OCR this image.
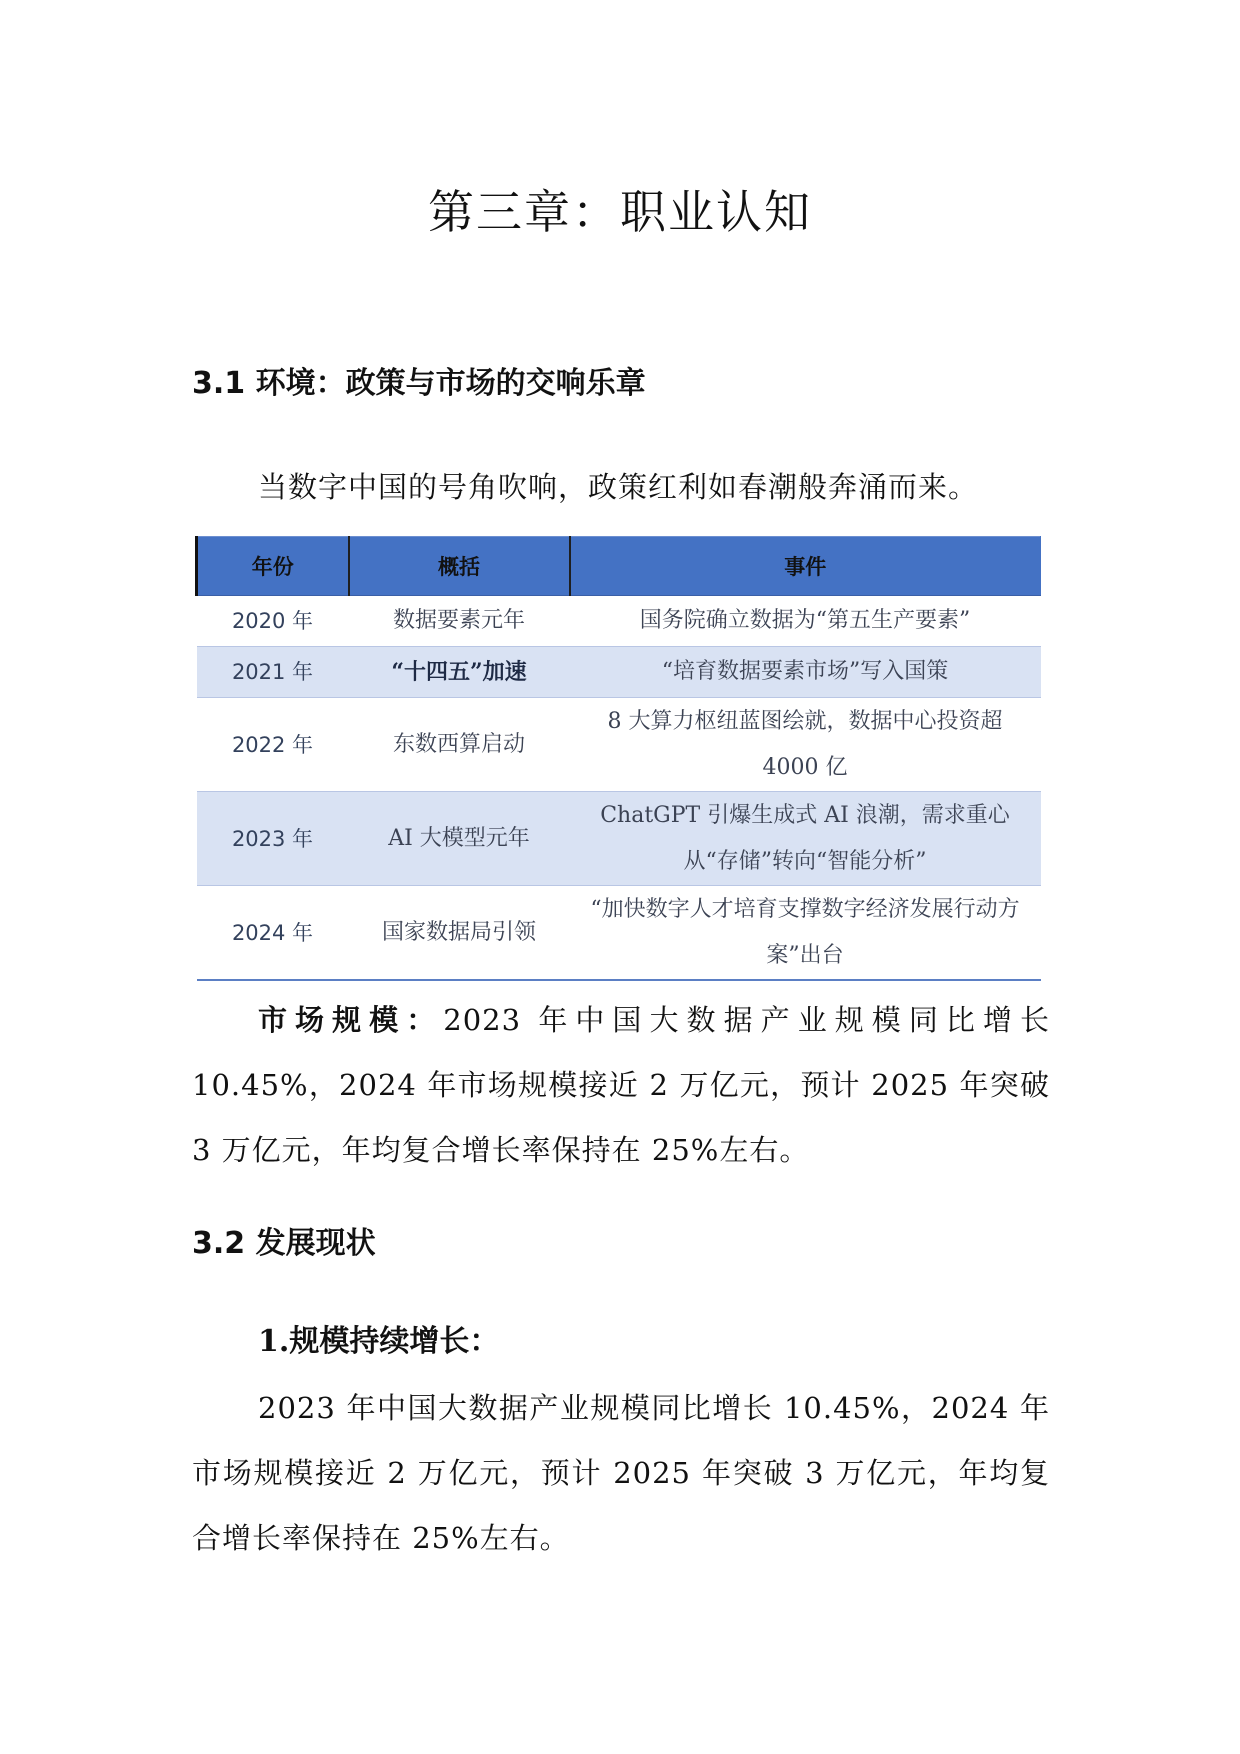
第三章：职业认知
3.1 环境：政策与市场的交响乐章

当数字中国的号角吹响，政策红利如春潮般奔涌而来。

年份	概括	事件
2020 年	数据要素元年	国务院确立数据为“第五生产要素”
2021 年	“十四五”加速	“培育数据要素市场”写入国策
2022 年	东数西算启动	8 大算力枢纽蓝图绘就，数据中心投资超 4000 亿
2023 年	AI 大模型元年	ChatGPT 引爆生成式 AI 浪潮，需求重心从“存储”转向“智能分析”
2024 年	国家数据局引领	“加快数字人才培育支撑数字经济发展行动方案”出台

市场规模：2023 年中国大数据产业规模同比增长 10.45%，2024 年市场规模接近 2 万亿元，预计 2025 年突破 3 万亿元，年均复合增长率保持在 25%左右。

3.2 发展现状
1.规模持续增长：

2023 年中国大数据产业规模同比增长 10.45%，2024 年市场规模接近 2 万亿元，预计 2025 年突破 3 万亿元，年均复合增长率保持在 25%左右。
